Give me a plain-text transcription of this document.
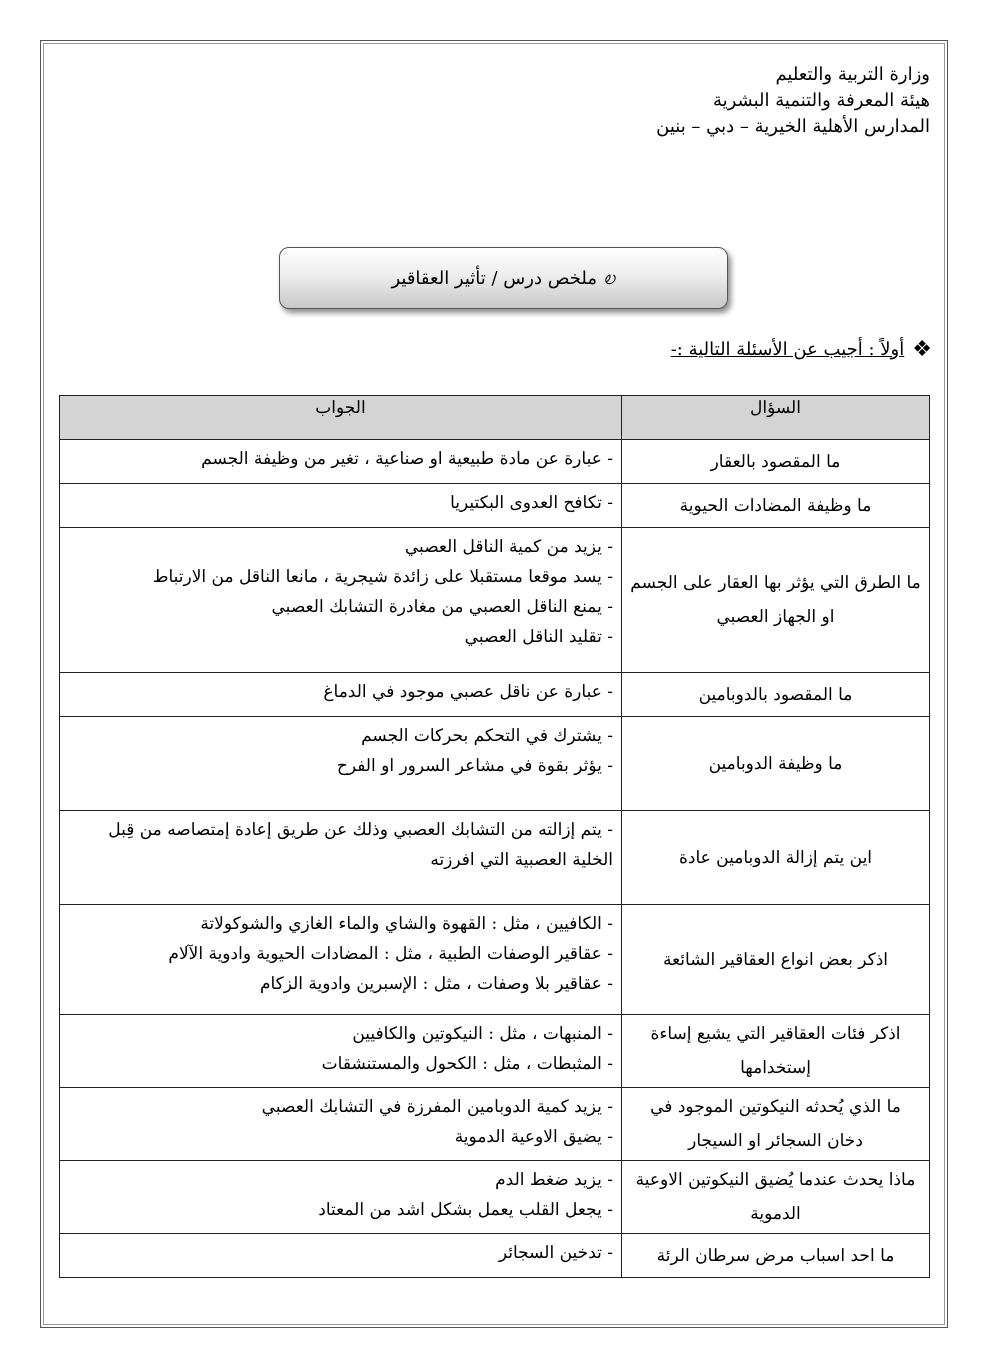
وزارة التربية والتعليم
هيئة المعرفة والتنمية البشرية
المدارس الأهلية الخيرية – دبي – بنين
ၿ
ملخص درس / تأثير العقاقير
❖
أولاً : أجيب عن الأسئلة التالية :-
السؤال	الجواب
ما المقصود بالعقار	- عبارة عن مادة طبيعية او صناعية ، تغير من وظيفة الجسم

ما وظيفة المضادات الحيوية	- تكافح العدوى البكتيريا

ما الطرق التي يؤثر بها العقار على الجسم او الجهاز العصبي	- يزيد من كمية الناقل العصبي
- يسد موقعا مستقبلا على زائدة شيجرية ، مانعا الناقل من الارتباط
- يمنع الناقل العصبي من مغادرة التشابك العصبي
- تقليد الناقل العصبي

ما المقصود بالدوبامين	- عبارة عن ناقل عصبي موجود في الدماغ

ما وظيفة الدوبامين	- يشترك في التحكم بحركات الجسم
- يؤثر بقوة في مشاعر السرور او الفرح

اين يتم إزالة الدوبامين عادة	- يتم إزالته من التشابك العصبي وذلك عن طريق إعادة إمتصاصه من قِبل الخلية العصبية التي افرزته

اذكر بعض انواع العقاقير الشائعة	- الكافيين ، مثل : القهوة والشاي والماء الغازي والشوكولاتة
- عقاقير الوصفات الطبية ، مثل : المضادات الحيوية وادوية الآلام
- عقاقير بلا وصفات ، مثل : الإسبرين وادوية الزكام

اذكر فئات العقاقير التي يشيع إساءة إستخدامها	- المنبهات ، مثل : النيكوتين والكافيين
- المثبطات ، مثل : الكحول والمستنشقات

ما الذي يُحدثه النيكوتين الموجود في دخان السجائر او السيجار	- يزيد كمية الدوبامين المفرزة في التشابك العصبي
- يضيق الاوعية الدموية

ماذا يحدث عندما يُضيق النيكوتين الاوعية الدموية	- يزيد ضغط الدم
- يجعل القلب يعمل بشكل اشد من المعتاد

ما احد اسباب مرض سرطان الرئة	- تدخين السجائر
